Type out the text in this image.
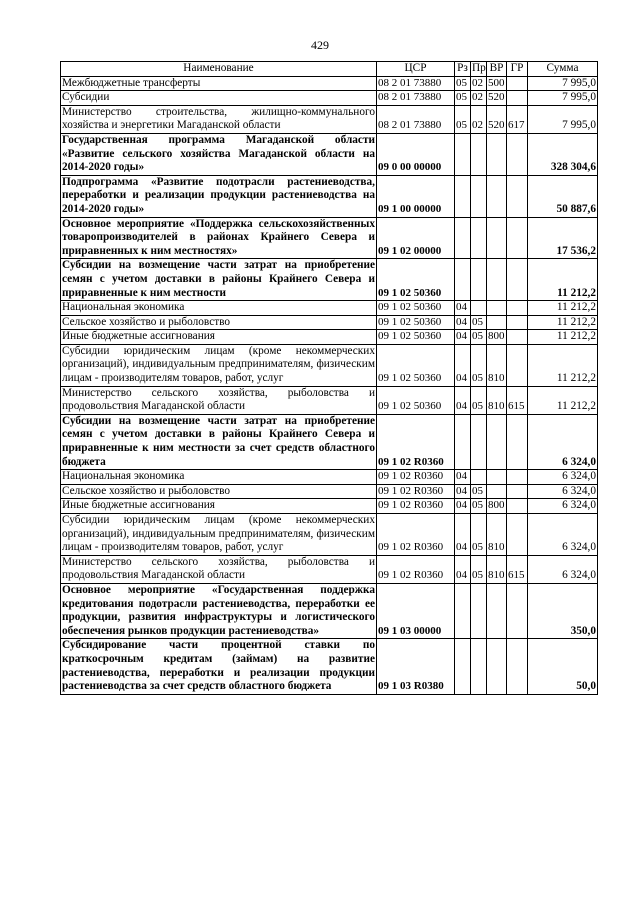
429
Наименование	ЦСР	Рз	Пр	ВР	ГР	Сумма
Межбюджетные трансферты	08 2 01 73880	05	02	500		7 995,0
Субсидии	08 2 01 73880	05	02	520		7 995,0
Министерство строительства, жилищно-коммунального хозяйства и энергетики Магаданской области	08 2 01 73880	05	02	520	617	7 995,0
Государственная программа Магаданской области «Развитие сельского хозяйства Магаданской области на 2014-2020 годы»	09 0 00 00000					328 304,6
Подпрограмма «Развитие подотрасли растениеводства, переработки и реализации продукции растениеводства на 2014-2020 годы»	09 1 00 00000					50 887,6
Основное мероприятие «Поддержка сельскохозяйственных товаропроизводителей в районах Крайнего Севера и приравненных к ним местностях»	09 1 02 00000					17 536,2
Субсидии на возмещение части затрат на приобретение семян с учетом доставки в районы Крайнего Севера и приравненные к ним местности	09 1 02 50360					11 212,2
Национальная экономика	09 1 02 50360	04				11 212,2
Сельское хозяйство и рыболовство	09 1 02 50360	04	05			11 212,2
Иные бюджетные ассигнования	09 1 02 50360	04	05	800		11 212,2
Субсидии юридическим лицам (кроме некоммерческих организаций), индивидуальным предпринимателям, физическим лицам - производителям товаров, работ, услуг	09 1 02 50360	04	05	810		11 212,2
Министерство сельского хозяйства, рыболовства и продовольствия Магаданской области	09 1 02 50360	04	05	810	615	11 212,2
Субсидии на возмещение части затрат на приобретение семян с учетом доставки в районы Крайнего Севера и приравненные к ним местности за счет средств областного бюджета	09 1 02 R0360					6 324,0
Национальная экономика	09 1 02 R0360	04				6 324,0
Сельское хозяйство и рыболовство	09 1 02 R0360	04	05			6 324,0
Иные бюджетные ассигнования	09 1 02 R0360	04	05	800		6 324,0
Субсидии юридическим лицам (кроме некоммерческих организаций), индивидуальным предпринимателям, физическим лицам - производителям товаров, работ, услуг	09 1 02 R0360	04	05	810		6 324,0
Министерство сельского хозяйства, рыболовства и продовольствия Магаданской области	09 1 02 R0360	04	05	810	615	6 324,0
Основное мероприятие «Государственная поддержка кредитования подотрасли растениеводства, переработки ее продукции, развития инфраструктуры и логистического обеспечения рынков продукции растениеводства»	09 1 03 00000					350,0
Субсидирование части процентной ставки по краткосрочным кредитам (займам) на развитие растениеводства, переработки и реализации продукции растениеводства за счет средств областного бюджета	09 1 03 R0380					50,0
